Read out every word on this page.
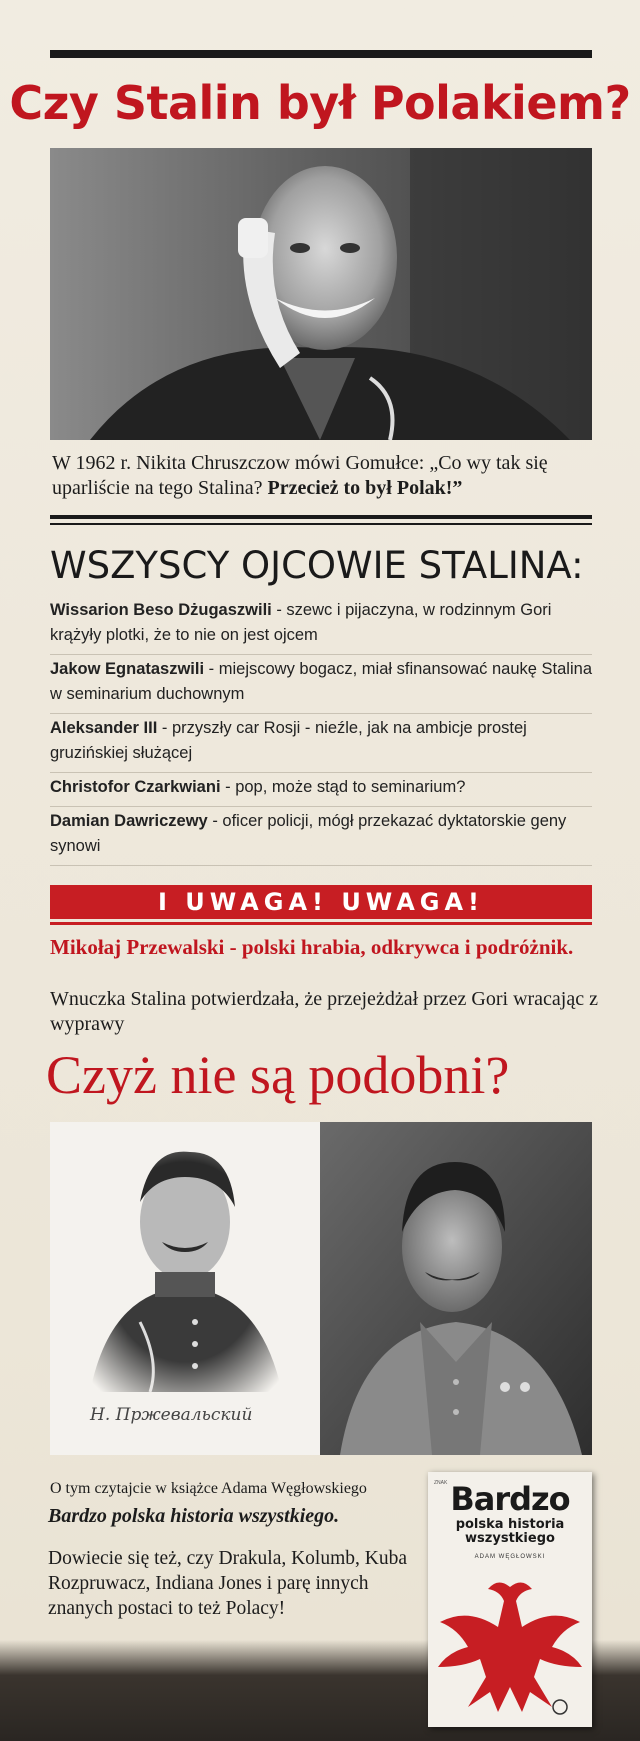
Czy Stalin był Polakiem?
W 1962 r. Nikita Chruszczow mówi Gomułce: „Co wy tak się uparliście na tego Stalina? Przecież to był Polak!”
WSZYSCY OJCOWIE STALINA:
Wissarion Beso Dżugaszwili - szewc i pijaczyna, w rodzinnym Gori krążyły plotki, że to nie on jest ojcem
Jakow Egnataszwili - miejscowy bogacz, miał sfinansować naukę Stalina w seminarium duchownym
Aleksander III - przyszły car Rosji - nieźle, jak na ambicje prostej gruzińskiej służącej
Christofor Czarkwiani - pop, może stąd to seminarium?
Damian Dawriczewy - oficer policji, mógł przekazać dyktatorskie geny synowi
I UWAGA! UWAGA!
Mikołaj Przewalski - polski hrabia, odkrywca i podróżnik.
Wnuczka Stalina potwierdzała, że przejeżdżał przez Gori wracając z wyprawy
Czyż nie są podobni?
Н. Пржевальский
O tym czytajcie w książce Adama Węgłowskiego
Bardzo polska historia wszystkiego.
Dowiecie się też, czy Drakula, Kolumb, Kuba Rozpruwacz, Indiana Jones i parę innych znanych postaci to też Polacy!
ZNAK Bardzo
polska historia wszystkiego
ADAM WĘGŁOWSKI
